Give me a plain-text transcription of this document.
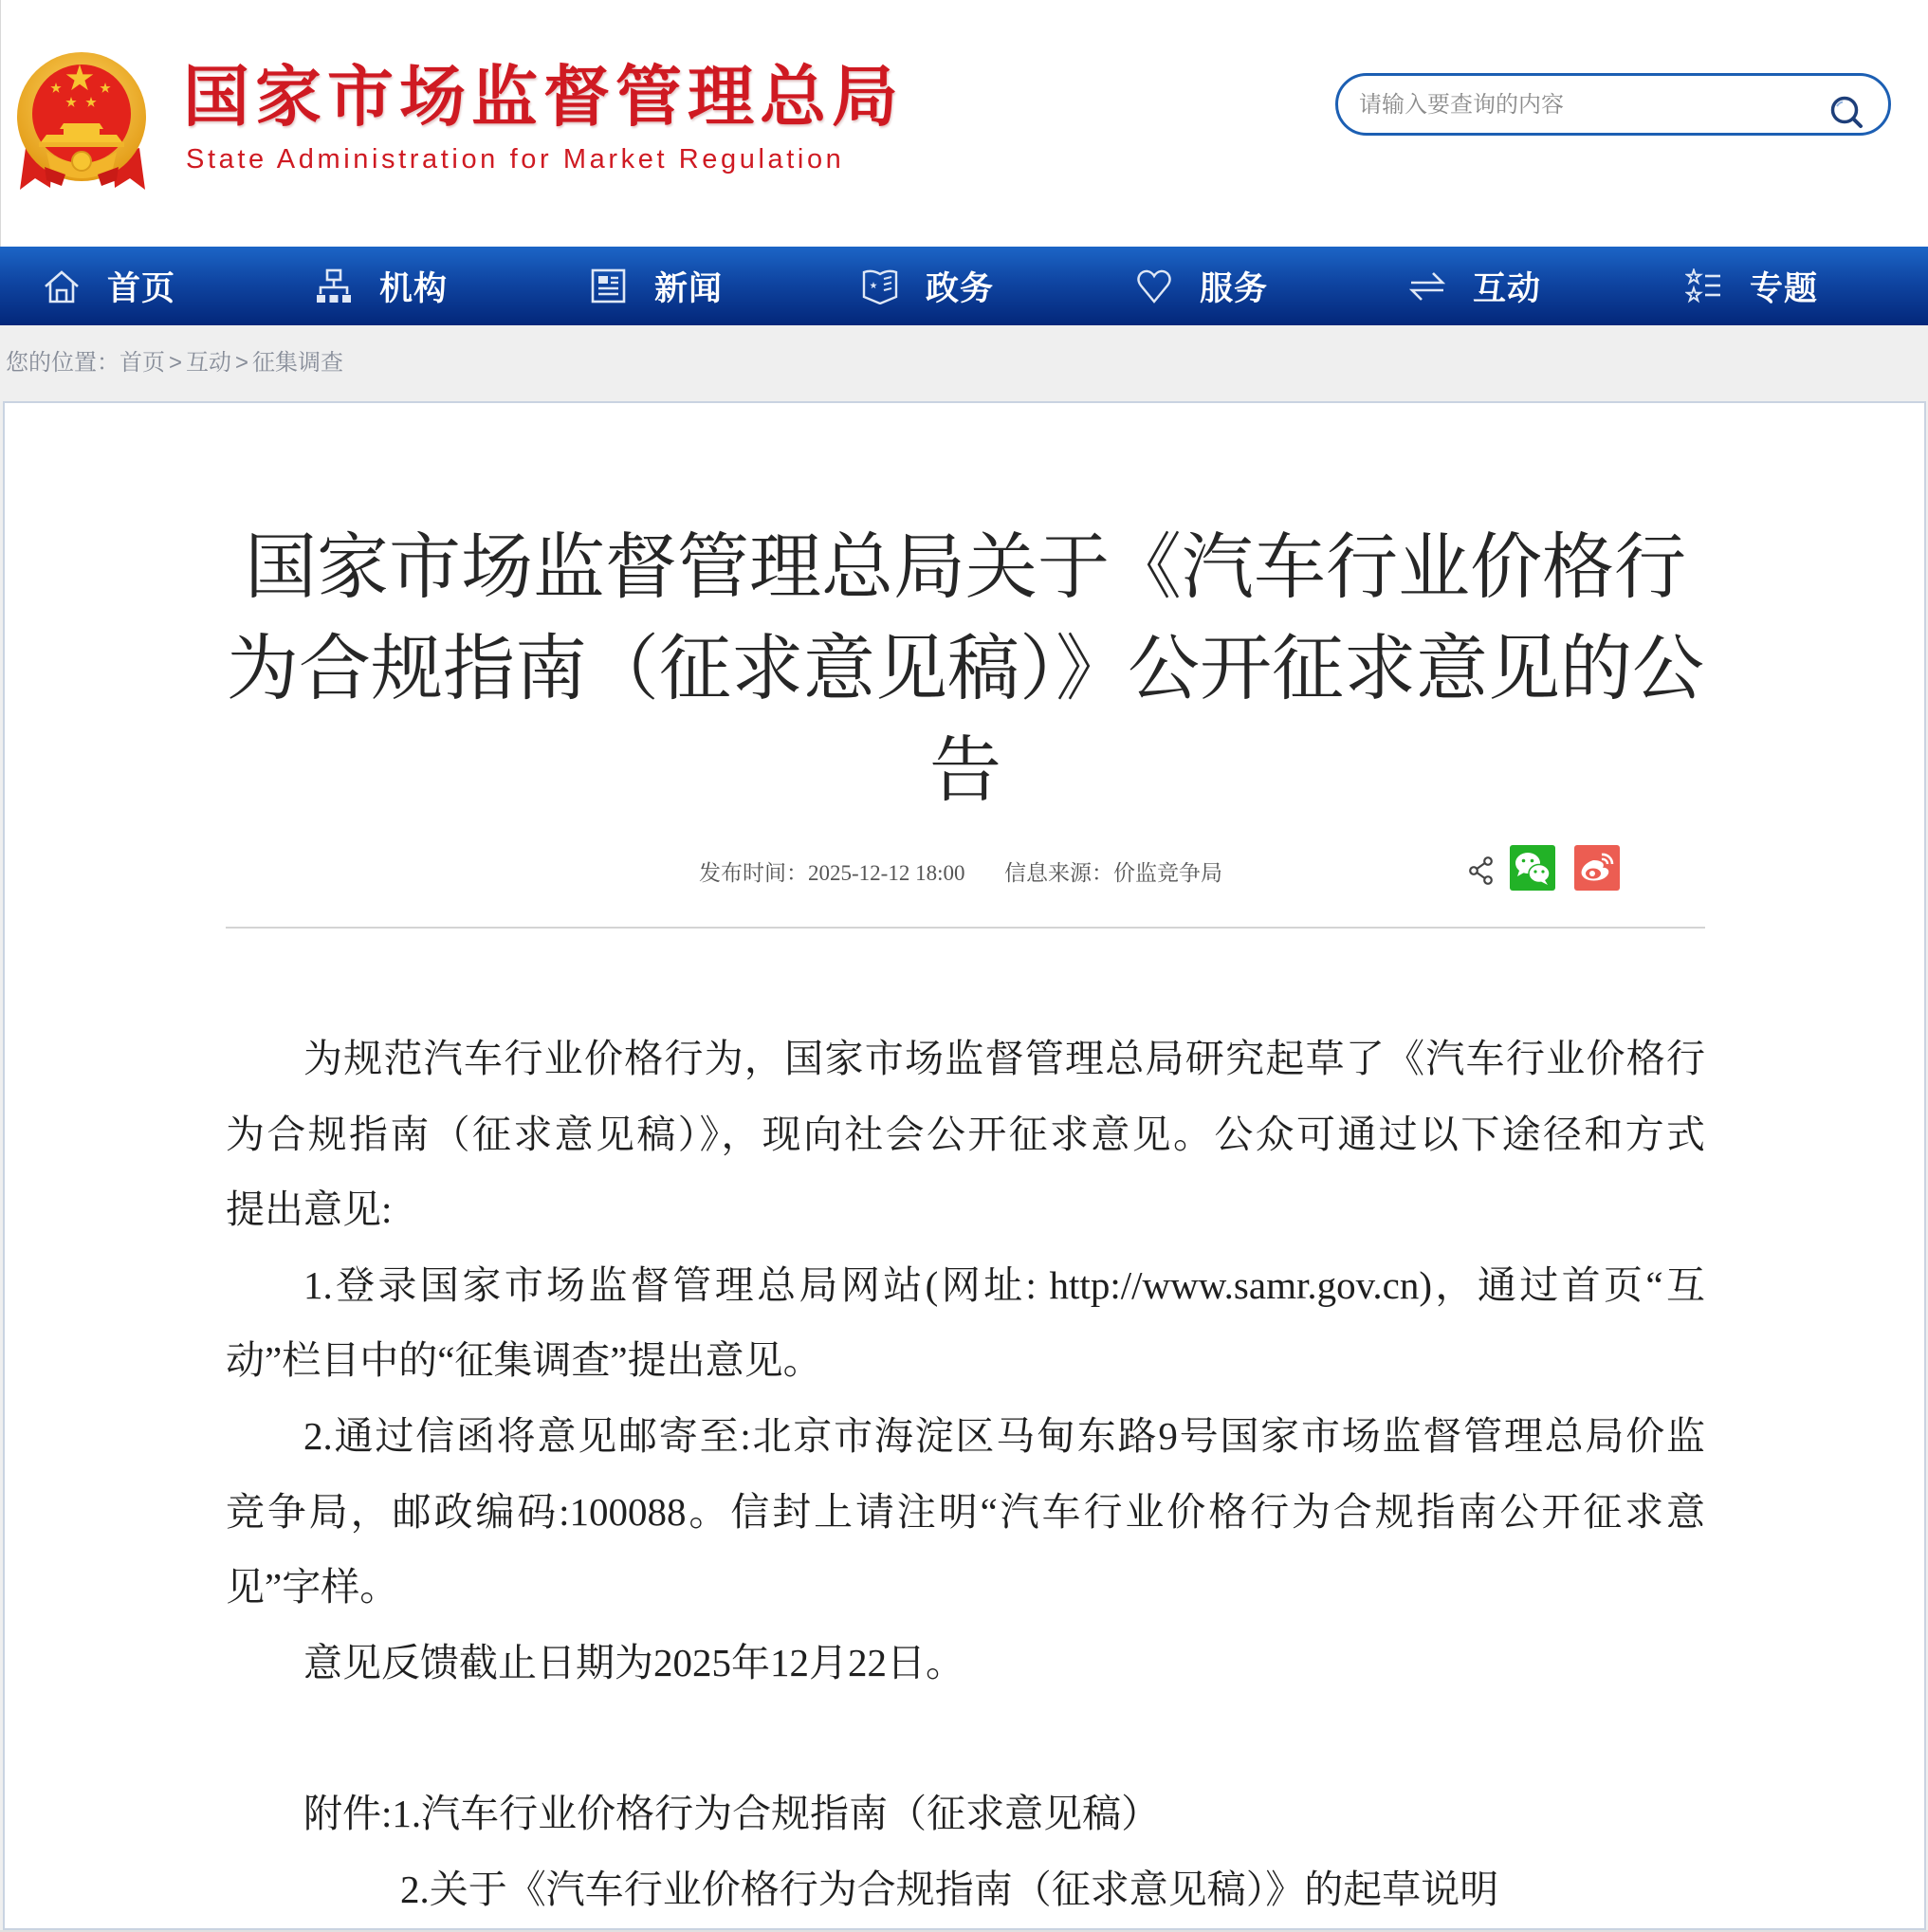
国家市场监督管理总局
State Administration for Market Regulation
请输入要查询的内容
首页	机构	新闻	政务	服务	互动	专题
您的位置：首页 > 互动 > 征集调查
国家市场监督管理总局关于《汽车行业价格行为合规指南（征求意见稿）》公开征求意见的公告
发布时间：2025-12-12 18:00 信息来源：价监竞争局
为规范汽车行业价格行为，国家市场监督管理总局研究起草了《汽车行业价格行
为合规指南（征求意见稿）》，现向社会公开征求意见。公众可通过以下途径和方式
提出意见:
1.登录国家市场监督管理总局网站(网址: http://www.samr.gov.cn)，通过首页“互
动”栏目中的“征集调查”提出意见。
2.通过信函将意见邮寄至:北京市海淀区马甸东路9号国家市场监督管理总局价监
竞争局，邮政编码:100088。信封上请注明“汽车行业价格行为合规指南公开征求意
见”字样。
意见反馈截止日期为2025年12月22日。
附件:1.汽车行业价格行为合规指南（征求意见稿）
2.关于《汽车行业价格行为合规指南（征求意见稿）》的起草说明
